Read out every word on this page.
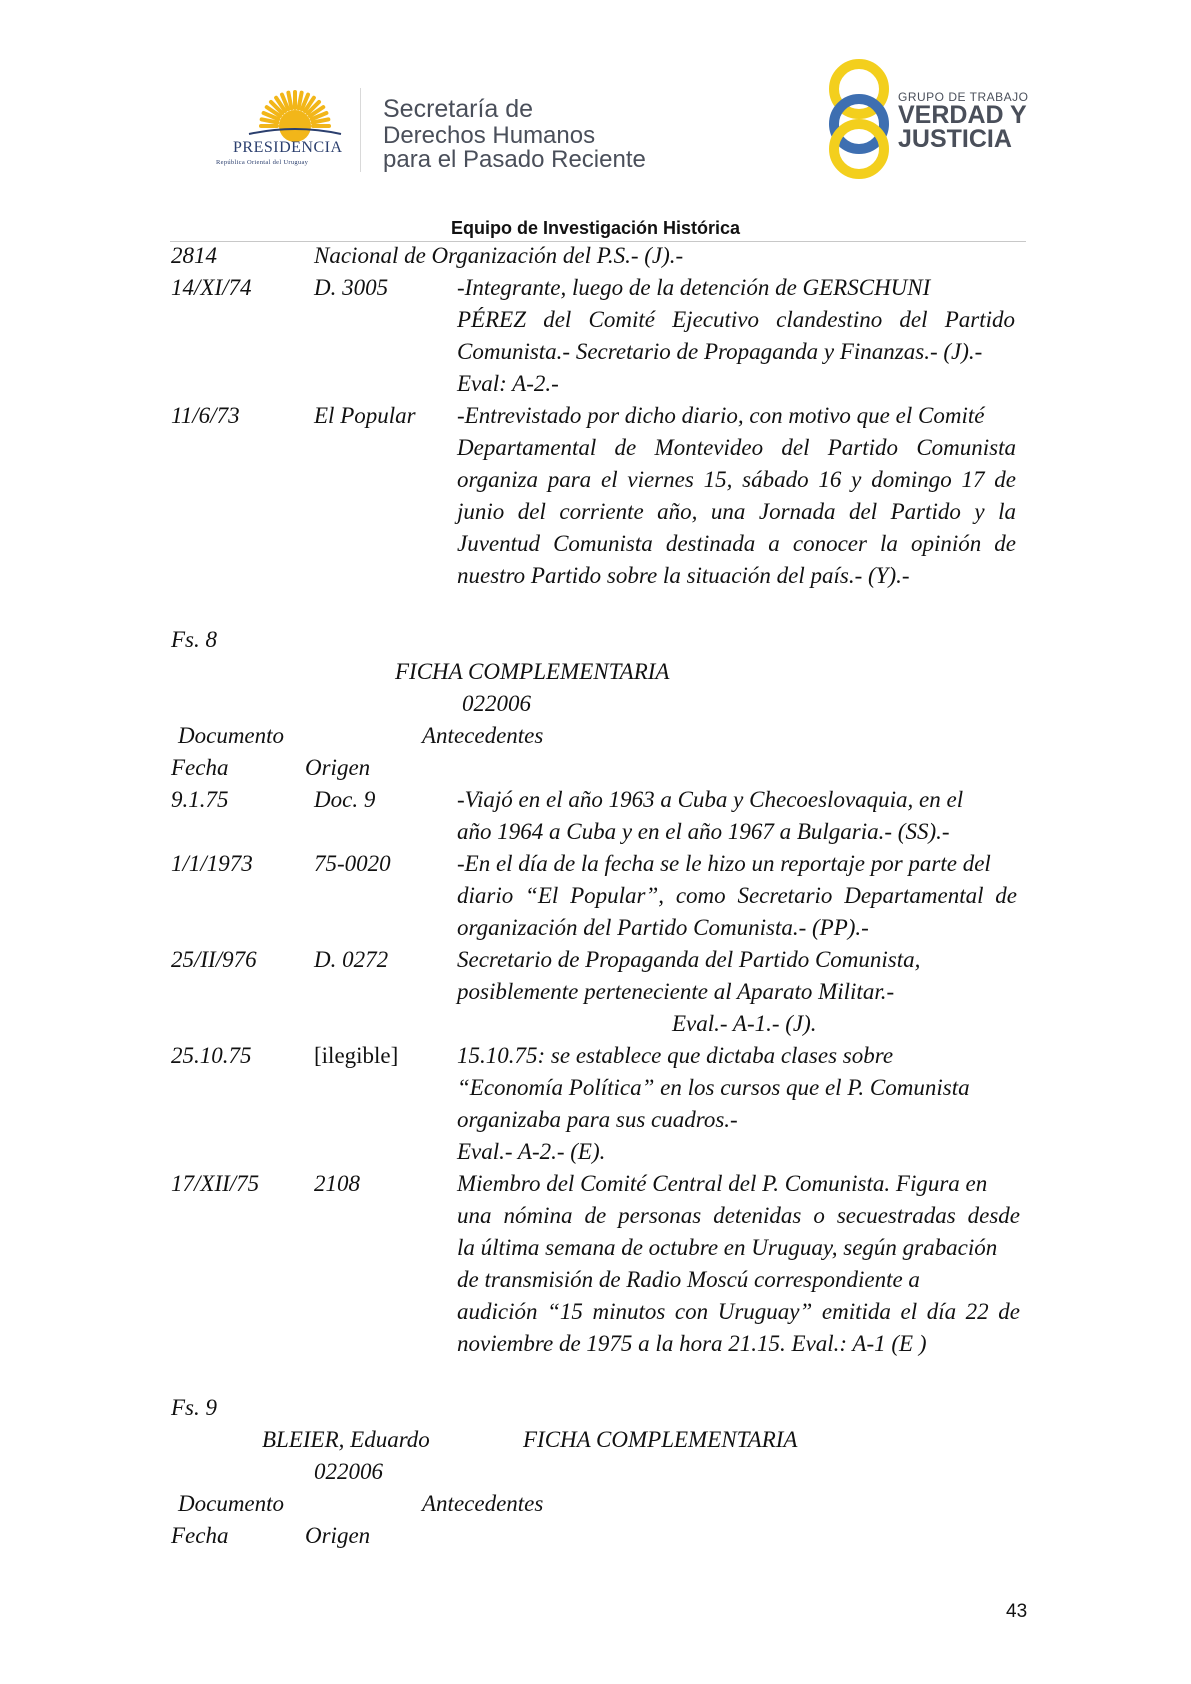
PRESIDENCIA
República Oriental del Uruguay
Secretaría de
Derechos Humanos
para el Pasado Reciente
GRUPO DE TRABAJO
VERDAD Y
JUSTICIA
Equipo de Investigación Histórica
2814	Nacional de Organización del P.S.- (J).-
14/XI/74	D. 3005	-Integrante, luego de la detención de GERSCHUNI
PÉREZ del Comité Ejecutivo clandestino del Partido
Comunista.- Secretario de Propaganda y Finanzas.- (J).-
Eval: A-2.-
11/6/73	El Popular -Entrevistado por dicho diario, con motivo que el Comité
Departamental de Montevideo del Partido Comunista
organiza para el viernes 15, sábado 16 y domingo 17 de
junio del corriente año, una Jornada del Partido y la
Juventud Comunista destinada a conocer la opinión de
nuestro Partido sobre la situación del país.- (Y).-
Fs. 8
FICHA COMPLEMENTARIA
022006
Documento	Antecedentes
Fecha	Origen
9.1.75	Doc. 9	-Viajó en el año 1963 a Cuba y Checoeslovaquia, en el
año 1964 a Cuba y en el año 1967 a Bulgaria.- (SS).-
1/1/1973	75-0020	-En el día de la fecha se le hizo un reportaje por parte del
diario “El Popular”, como Secretario Departamental de
organización del Partido Comunista.- (PP).-
25/II/976 D. 0272	Secretario de Propaganda del Partido Comunista,
posiblemente perteneciente al Aparato Militar.-
Eval.- A-1.- (J).
25.10.75	[ilegible]	15.10.75: se establece que dictaba clases sobre
“Economía Política” en los cursos que el P. Comunista
organizaba para sus cuadros.-
Eval.- A-2.- (E).
17/XII/75 2108	Miembro del Comité Central del P. Comunista. Figura en
una nómina de personas detenidas o secuestradas desde
la última semana de octubre en Uruguay, según grabación
de transmisión de Radio Moscú correspondiente a
audición “15 minutos con Uruguay” emitida el día 22 de
noviembre de 1975 a la hora 21.15. Eval.: A-1 (E )
Fs. 9
BLEIER, Eduardo	FICHA COMPLEMENTARIA
022006
Documento	Antecedentes
Fecha	Origen
43
